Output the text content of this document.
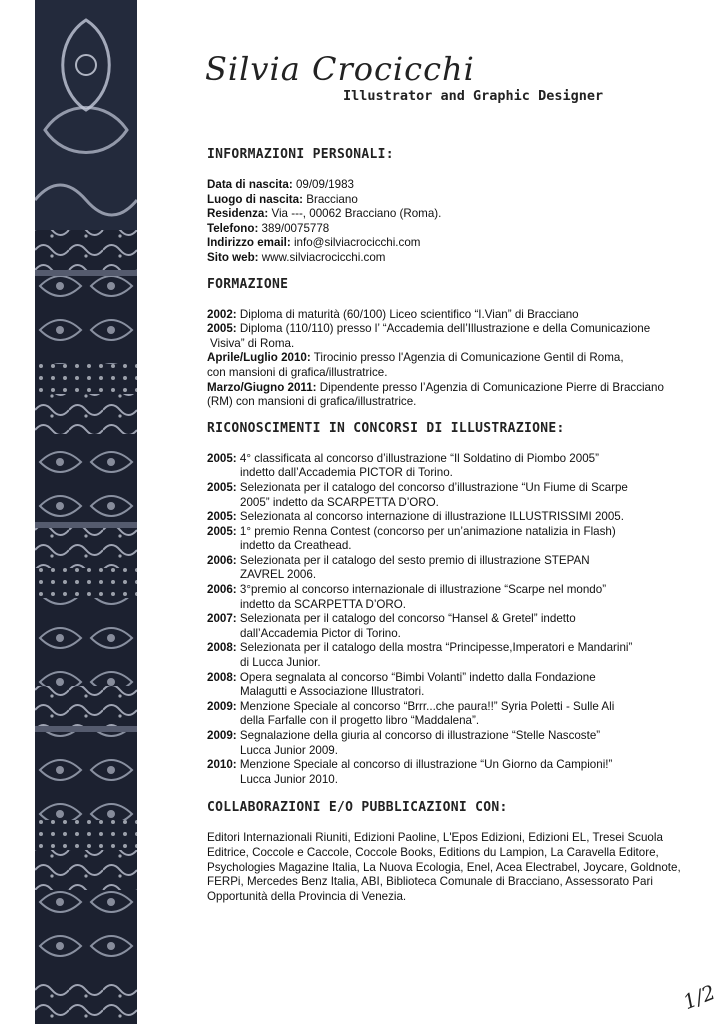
Silvia Crocicchi
Illustrator and Graphic Designer
INFORMAZIONI PERSONALI:
Data di nascita: 09/09/1983
Luogo di nascita: Bracciano
Residenza: Via ---, 00062 Bracciano (Roma).
Telefono: 389/0075778
Indirizzo email: info@silviacrocicchi.com
Sito web: www.silviacrocicchi.com
FORMAZIONE
2002: Diploma di maturità (60/100) Liceo scientifico “I.Vian” di Bracciano
2005: Diploma (110/110) presso l’ “Accademia dell’Illustrazione e della Comunicazione
Visiva” di Roma.
Aprile/Luglio 2010: Tirocinio presso l'Agenzia di Comunicazione Gentil di Roma,
con mansioni di grafica/illustratrice.
Marzo/Giugno 2011: Dipendente presso l’Agenzia di Comunicazione Pierre di Bracciano
(RM) con mansioni di grafica/illustratrice.
RICONOSCIMENTI IN CONCORSI DI ILLUSTRAZIONE:
2005: 4° classificata al concorso d’illustrazione “Il Soldatino di Piombo 2005”
indetto dall’Accademia PICTOR di Torino.
2005: Selezionata per il catalogo del concorso d’illustrazione “Un Fiume di Scarpe
2005” indetto da SCARPETTA D’ORO.
2005: Selezionata al concorso internazione di illustrazione ILLUSTRISSIMI 2005.
2005: 1° premio Renna Contest (concorso per un’animazione natalizia in Flash)
indetto da Creathead.
2006: Selezionata per il catalogo del sesto premio di illustrazione STEPAN
ZAVREL 2006.
2006: 3°premio al concorso internazionale di illustrazione “Scarpe nel mondo”
indetto da SCARPETTA D’ORO.
2007: Selezionata per il catalogo del concorso “Hansel & Gretel” indetto
dall’Accademia Pictor di Torino.
2008: Selezionata per il catalogo della mostra “Principesse,Imperatori e Mandarini”
di Lucca Junior.
2008: Opera segnalata al concorso “Bimbi Volanti” indetto dalla Fondazione
Malagutti e Associazione Illustratori.
2009: Menzione Speciale al concorso “Brrr...che paura!!” Syria Poletti - Sulle Ali
della Farfalle con il progetto libro “Maddalena”.
2009: Segnalazione della giuria al concorso di illustrazione “Stelle Nascoste”
Lucca Junior 2009.
2010: Menzione Speciale al concorso di illustrazione “Un Giorno da Campioni!”
Lucca Junior 2010.
COLLABORAZIONI E/O PUBBLICAZIONI CON:
Editori Internazionali Riuniti, Edizioni Paoline, L'Epos Edizioni, Edizioni EL, Tresei Scuola Editrice, Coccole e Caccole, Coccole Books, Editions du Lampion, La Caravella Editore, Psychologies Magazine Italia, La Nuova Ecologia, Enel, Acea Electrabel, Joycare, Goldnote, FERPi, Mercedes Benz Italia, ABI, Biblioteca Comunale di Bracciano, Assessorato Pari Opportunità della Provincia di Venezia.
1/2
